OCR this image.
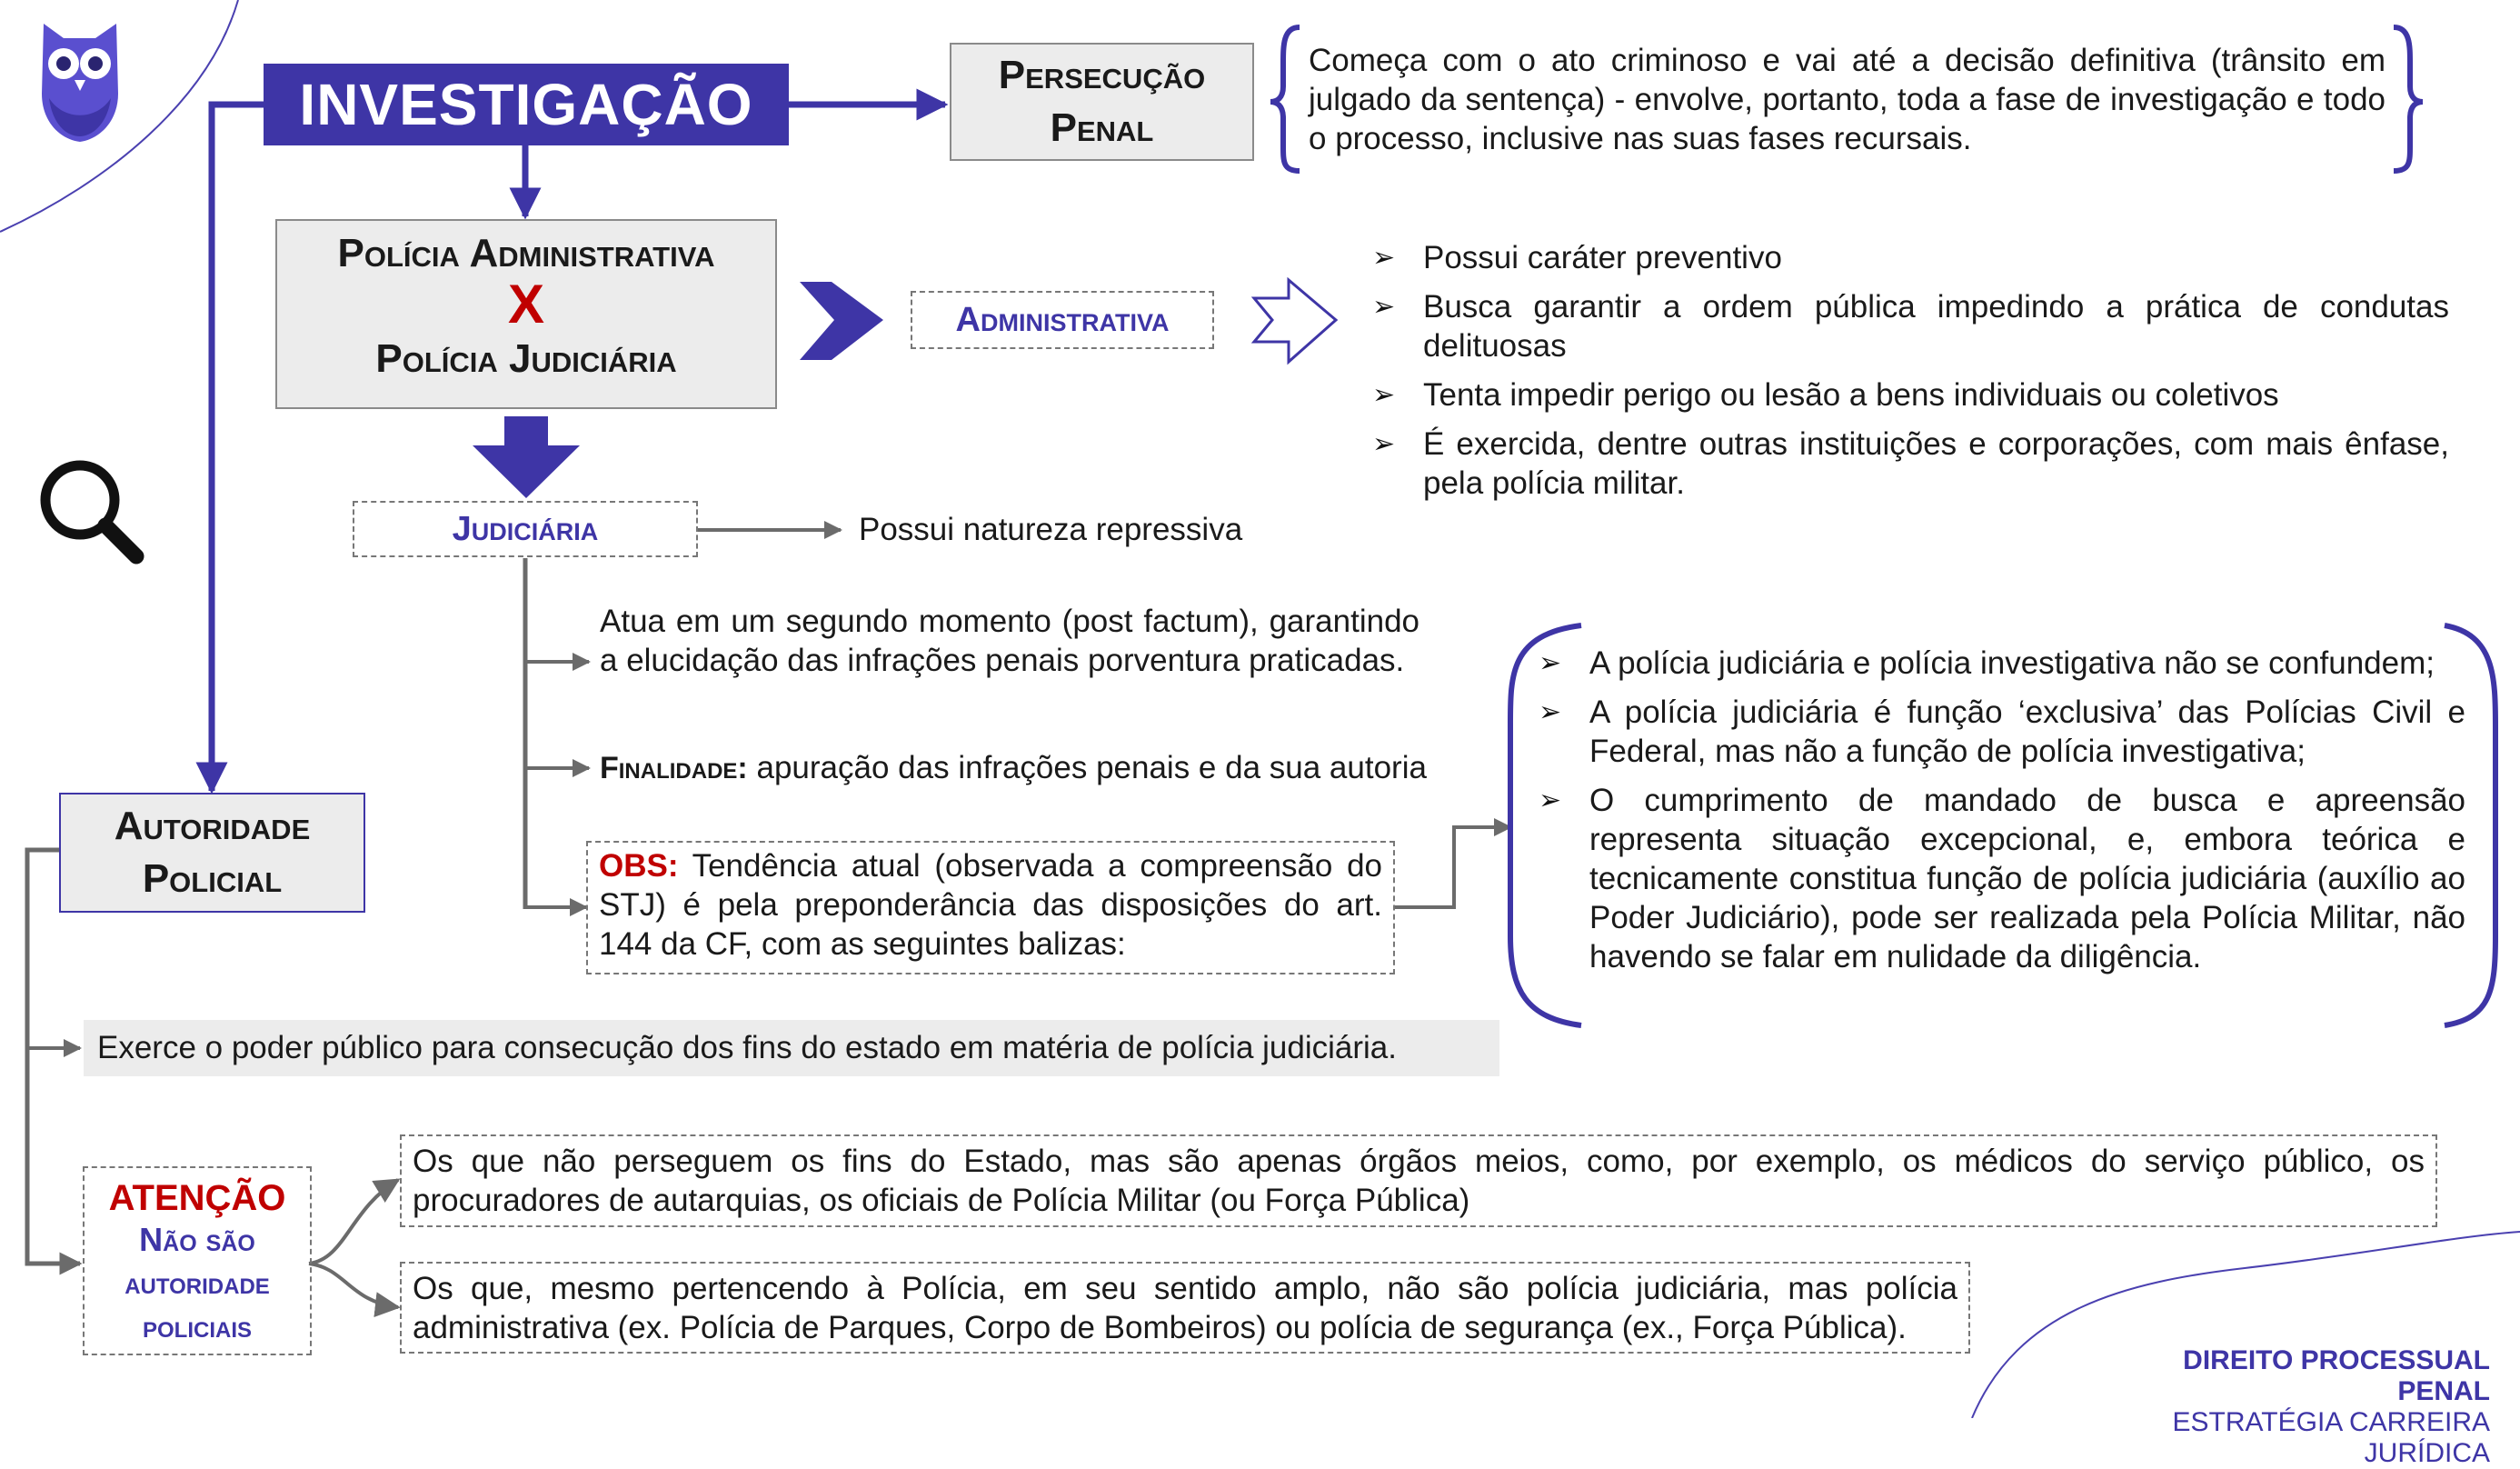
INVESTIGAÇÃO	Persecução Penal
Começa com o ato criminoso e vai até a decisão definitiva (trânsito em julgado da sentença) - envolve, portanto, toda a fase de investigação e todo o processo, inclusive nas suas fases recursais.
Polícia Administrativa
X
Polícia Judiciária
Administrativa
➢ Possui caráter preventivo
➢ Busca garantir a ordem pública impedindo a prática de condutas delituosas
➢ Tenta impedir perigo ou lesão a bens individuais ou coletivos
➢ É exercida, dentre outras instituições e corporações, com mais ênfase, pela polícia militar.
Judiciária	Possui natureza repressiva
Atua em um segundo momento (post factum), garantindo a elucidação das infrações penais porventura praticadas.
Finalidade: apuração das infrações penais e da sua autoria
OBS: Tendência atual (observada a compreensão do STJ) é pela preponderância das disposições do art. 144 da CF, com as seguintes balizas:
➢ A polícia judiciária e polícia investigativa não se confundem;
➢ A polícia judiciária é função ‘exclusiva’ das Polícias Civil e Federal, mas não a função de polícia investigativa;
➢ O cumprimento de mandado de busca e apreensão representa situação excepcional, e, embora teórica e tecnicamente constitua função de polícia judiciária (auxílio ao Poder Judiciário), pode ser realizada pela Polícia Militar, não havendo se falar em nulidade da diligência.
Autoridade Policial
Exerce o poder público para consecução dos fins do estado em matéria de polícia judiciária.
ATENÇÃO
Não são
autoridade
policiais
Os que não perseguem os fins do Estado, mas são apenas órgãos meios, como, por exemplo, os médicos do serviço público, os procuradores de autarquias, os oficiais de Polícia Militar (ou Força Pública)
Os que, mesmo pertencendo à Polícia, em seu sentido amplo, não são polícia judiciária, mas polícia administrativa (ex. Polícia de Parques, Corpo de Bombeiros) ou polícia de segurança (ex., Força Pública).
DIREITO PROCESSUAL PENAL
ESTRATÉGIA CARREIRA JURÍDICA
